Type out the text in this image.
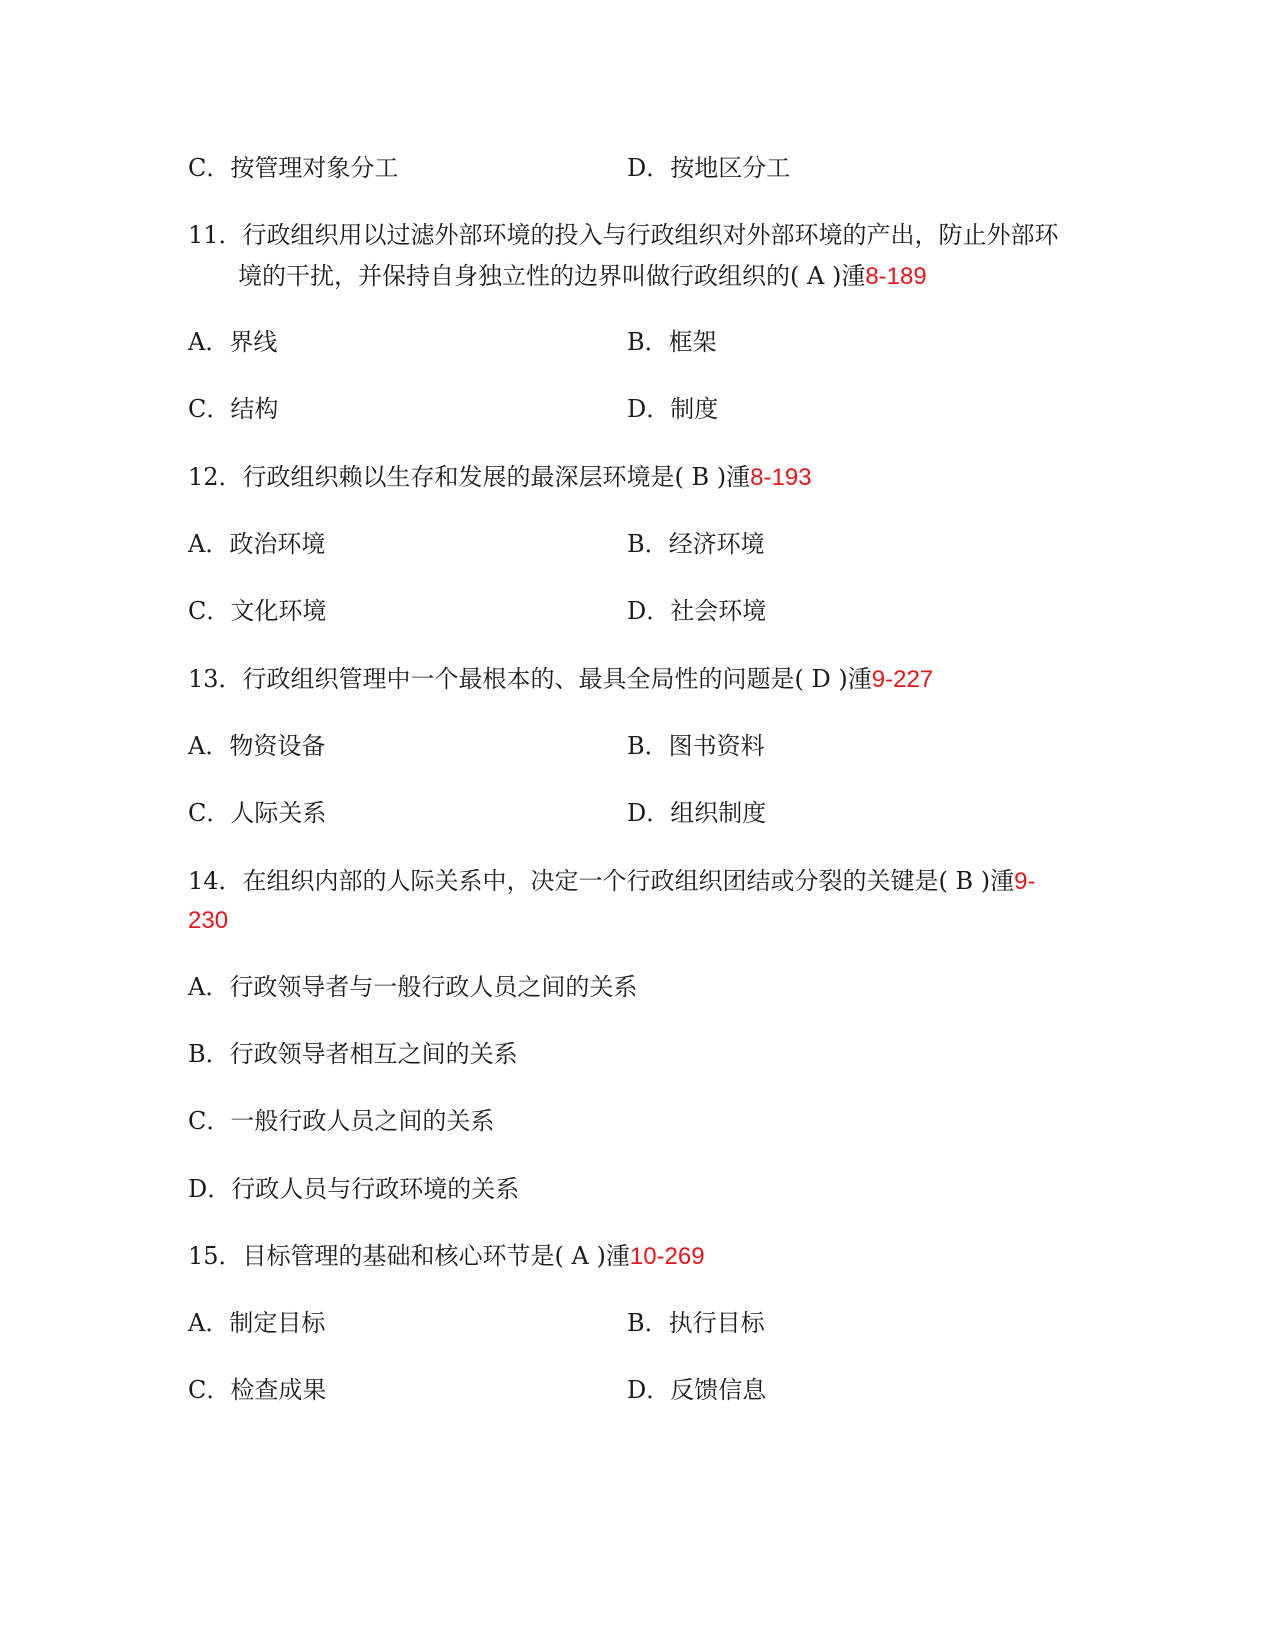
C．按管理对象分工	D．按地区分工
11．行政组织用以过滤外部环境的投入与行政组织对外部环境的产出，防止外部环
境的干扰，并保持自身独立性的边界叫做行政组织的( A )湩8-189
A．界线	B．框架
C．结构	D．制度
12．行政组织赖以生存和发展的最深层环境是( B )湩8-193
A．政治环境	B．经济环境
C．文化环境	D．社会环境
13．行政组织管理中一个最根本的、最具全局性的问题是( D )湩9-227
A．物资设备	B．图书资料
C．人际关系	D．组织制度
14．在组织内部的人际关系中，决定一个行政组织团结或分裂的关键是( B )湩9-
230
A．行政领导者与一般行政人员之间的关系
B．行政领导者相互之间的关系
C．一般行政人员之间的关系
D．行政人员与行政环境的关系
15．目标管理的基础和核心环节是( A )湩10-269
A．制定目标	B．执行目标
C．检查成果	D．反馈信息
